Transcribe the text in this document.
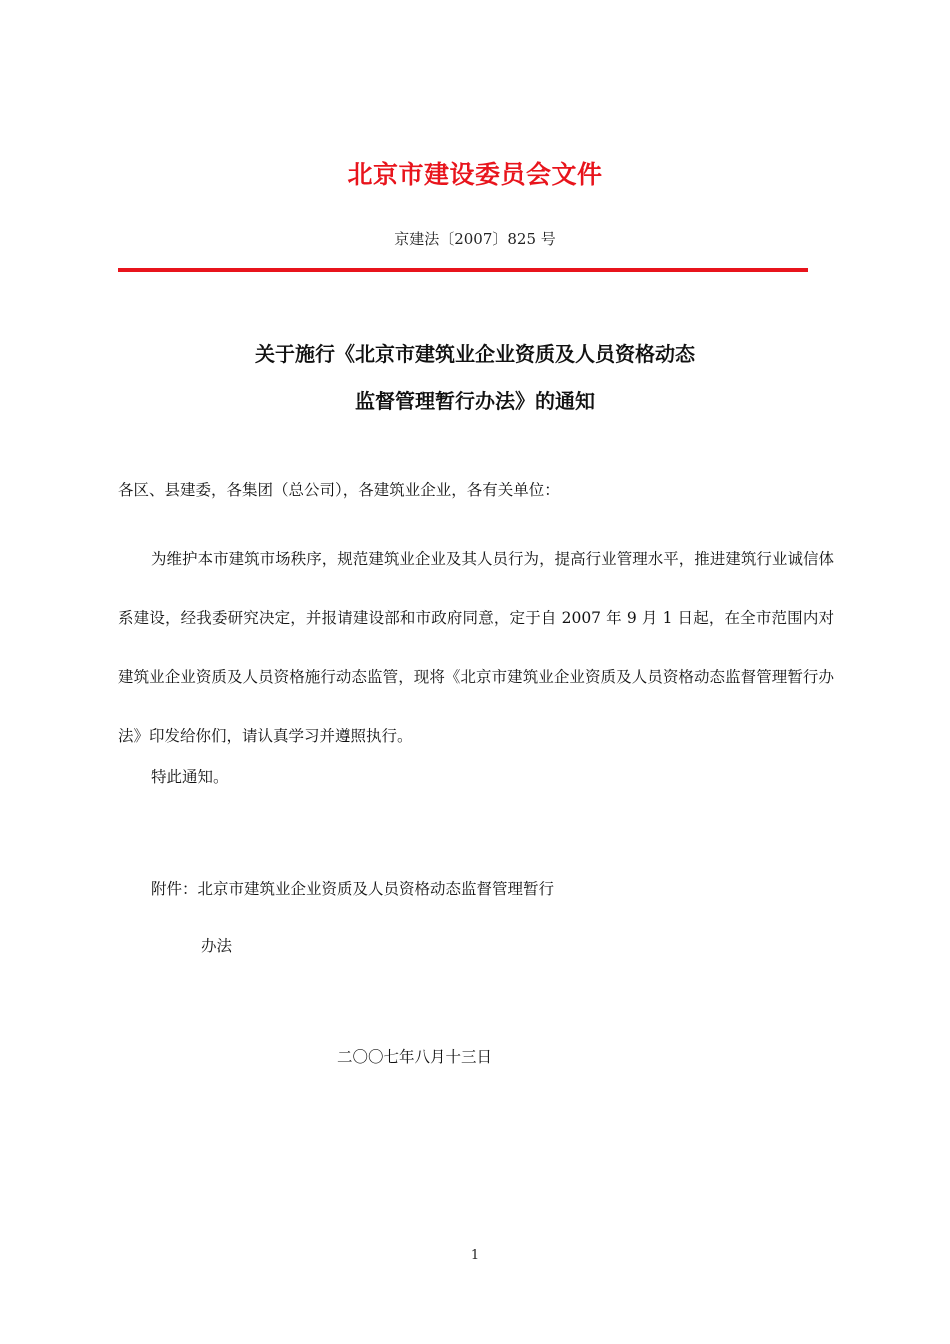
北京市建设委员会文件
京建法〔2007〕825 号
关于施行《北京市建筑业企业资质及人员资格动态
监督管理暂行办法》的通知
各区、县建委，各集团（总公司），各建筑业企业，各有关单位：
为维护本市建筑市场秩序，规范建筑业企业及其人员行为，提高行业管理水平，推进建筑行业诚信体系建设，经我委研究决定，并报请建设部和市政府同意，定于自 2007 年 9 月 1 日起，在全市范围内对建筑业企业资质及人员资格施行动态监管，现将《北京市建筑业企业资质及人员资格动态监督管理暂行办法》印发给你们，请认真学习并遵照执行。
特此通知。
附件：北京市建筑业企业资质及人员资格动态监督管理暂行
办法
二〇〇七年八月十三日
1
